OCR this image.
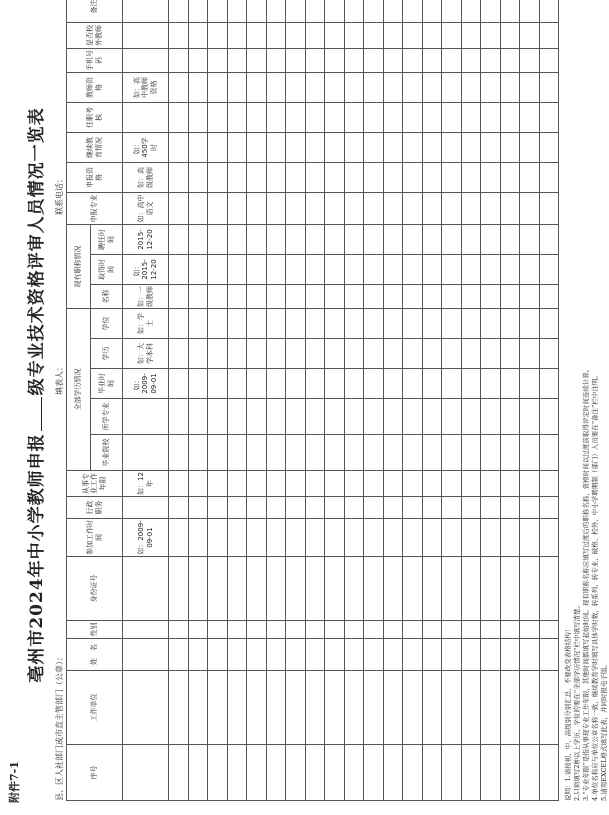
附件7-1
亳州市2024年中小学教师申报级专业技术资格评审人员情况一览表
县、区人社部门或市直主管部门（公章）：
填表人：
联系电话：
序号	工作单位	姓　名	性别	身份证号	参加工作时间	行政职务	从事专业工作年限	全部学历情况					现有职称情况			申报专业	申报资格	继续教育情况	任职考核	教师资格	手机号码	是否校外教师	备注
								毕业院校	所学专业	毕业时间	学历	学位	名称	取得时间	聘任时间								

					如：2009-09-01		如：12年			如：2009-09-01	如：大学本科	如：学士	如：一级教师	如：2015-12-20	2015-12-20	如：高中语文	如：高级教师	如：450学时		如：高中教师资格			

说明：1.请按初、中、高级别分别汇总，不要改变表格结构！ 2.只须填写2种以上学历、学位的要在“全部学历情况”栏中填写清楚。 3.“专业年限”是指从事现专业工作年限，其他时间都填写起始时间。现有职称名称应填写过渡后的职称名称，资格时间以过渡前取得评定时间连续计算。 4.单位名称应与单位公章名称一致，继续教育学时填写具体学时数，转系列、转专业、破格、校外、中小学聘期制（部门）人员要在“备注”栏中注明。 5.请用EXCEL格式填写此表，并同时报电子版。
